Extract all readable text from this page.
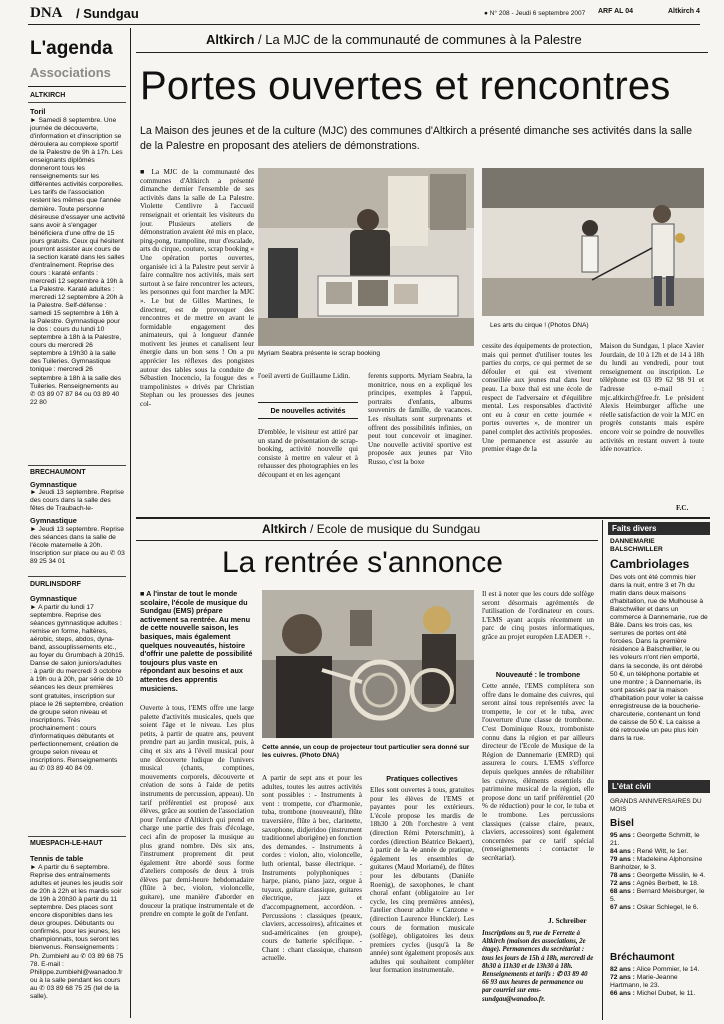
DNA / Sundgau	● N° 208 - Jeudi 6 septembre 2007 ARF AL 04	Altkirch 4
L'agenda
Associations
ALTKIRCH
Toril
► Samedi 8 septembre. Une journée de découverte, d'information et d'inscription se déroulera au complexe sportif de la Palestre de 9h à 17h. Les enseignants diplômés donneront tous les renseignements sur les différentes activités corporelles. Les tarifs de l'association restent les mêmes que l'année dernière. Toute personne désireuse d'essayer une activité sans avoir à s'engager bénéficiera d'une offre de 15 jours gratuits. Ceux qui hésitent pourront assister aux cours de la section karaté dans les salles d'entraînement. Reprise des cours : karaté enfants : mercredi 12 septembre à 19h à La Palestre. Karaté adultes : mercredi 12 septembre à 20h à la Palestre. Self-défense : samedi 15 septembre à 16h à la Palestre. Gymnastique pour le dos : cours du lundi 10 septembre à 18h à la Palestre, cours du mercredi 26 septembre à 19h30 à la salle des Tuileries. Gymnastique tonique : mercredi 26 septembre à 18h à la salle des Tuileries. Renseignements au ✆ 03 89 07 87 84 ou 03 89 40 22 80
BRECHAUMONT
Gymnastique
► Jeudi 13 septembre. Reprise des cours dans la salle des fêtes de Traubach-le-
Gymnastique
► Jeudi 13 septembre. Reprise des séances dans la salle de l'école maternelle à 20h. Inscription sur place ou au ✆ 03 89 25 34 01
DURLINSDORF
Gymnastique
► A partir du lundi 17 septembre. Reprise des séances gymnastique adultes : remise en forme, haltères, aérobic, steps, abdos, dyna-band, assouplissements etc., au foyer du Grumbach à 20h15. Danse de salon juniors/adultes : à partir du mercredi 3 octobre à 19h ou à 20h, par série de 10 séances les deux premières sont gratuites, inscription sur place le 26 septembre, création de groupe selon niveau et inscriptions. Très prochainement : cours d'informatiques débutants et perfectionnement, création de groupe selon niveau et inscriptions. Renseignements au ✆ 03 89 40 84 09.
MUESPACH-LE-HAUT
Tennis de table
► A partir du 6 septembre. Reprise des entraînements adultes et jeunes les jeudis soir de 20h à 22h et les mardis soir de 19h à 20h30 à partir du 11 septembre. Des places sont encore disponibles dans les deux groupes. Débutants ou confirmés, pour les jeunes, les championnats, tous seront les bienvenus. Renseignements : Ph. Zumbiehl au ✆ 03 89 68 75 78. E-mail : Philippe.zumbiehl@wanadoo.fr ou à la salle pendant les cours au ✆ 03 89 68 75 25 (tel de la salle).
Altkirch / La MJC de la communauté de communes à la Palestre
Portes ouvertes et rencontres
La Maison des jeunes et de la culture (MJC) des communes d'Altkirch a présenté dimanche ses activités dans la salle de la Palestre en proposant des ateliers de démonstrations.
■ La MJC de la communauté des communes d'Altkirch a présenté dimanche dernier l'ensemble de ses activités dans la salle de La Palestre. Violette Centlivre à l'accueil renseignait et orientait les visiteurs du jour. Plusieurs ateliers de démonstration avaient été mis en place, ping-pong, trampoline, mur d'escalade, arts du cirque, couture, scrap booking « Une opération portes ouvertes, organisée ici à la Palestre peut servir à faire connaître nos activités, mais sert surtout à se faire rencontrer les acteurs, les personnes qui font marcher la MJC ». Le but de Gilles Martines, le directeur, est de provoquer des rencontres et de mettre en avant le formidable engagement des animateurs, qui à longueur d'année motivent les jeunes et canalisent leur énergie dans un bon sens ! On a pu apprécier les réflexes des pongistes autour des tables sous la conduite de Sébastien Inocencio, la fougue des « trampolinistes » drivés par Christian Stephan ou les prouesses des jeunes col-
Myriam Seabra présente le scrap booking
Les arts du cirque ! (Photos DNA)
l'oeil averti de Guillaume Lidin.
De nouvelles activités
D'emblée, le visiteur est attiré par un stand de présentation de scrap-booking, activité nouvelle qui consiste à mettre en valeur et à rehausser des photographies en les découpant et en les agençant
ferents supports. Myriam Seabra, la monitrice, nous en a expliqué les principes, exemples à l'appui, portraits d'enfants, albums souvenirs de famille, de vacances. Les résultats sont surprenants et offrent des possibilités infinies, on peut tout concevoir et imaginer. Une nouvelle activité sportive est proposée aux jeunes par Vito Russo, c'est la boxe
cessite des équipements de protection, mais qui permet d'utiliser toutes les parties du corps, ce qui permet de se défouler et qui est vivement conseillée aux jeunes mal dans leur peau. La boxe thaï est une école de respect de l'adversaire et d'équilibre mental. Les responsables d'activité ont eu à cœur en cette journée « portes ouvertes », de montrer un panel complet des activités proposées. Une permanence est assurée au premier étage de la
Maison du Sundgau, 1 place Xavier Jourdain, de 10 à 12h et de 14 à 18h du lundi au vendredi, pour tout renseignement ou inscription. Le téléphone est 03 89 62 98 91 et l'adresse e-mail : mjc.altkirch@free.fr. Le président Alexis Heimburger affiche une réelle satisfaction de voir la MJC en progrès constants mais espère encore voir se poindre de nouvelles activités en restant ouvert à toute idée novatrice.
F.C.
Altkirch / Ecole de musique du Sundgau
La rentrée s'annonce
■ A l'instar de tout le monde scolaire, l'école de musique du Sundgau (EMS) prépare activement sa rentrée. Au menu de cette nouvelle saison, les basiques, mais également quelques nouveautés, histoire d'offrir une palette de possibilité toujours plus vaste en répondant aux besoins et aux attentes des apprentis musiciens.
Ouverte à tous, l'EMS offre une large palette d'activités musicales, quels que soient l'âge et le niveau. Les plus petits, à partir de quatre ans, peuvent prendre part au jardin musical, puis, à cinq et six ans à l'éveil musical pour une découverte ludique de l'univers musical (chants, comptines, mouvements corporels, découverte et création de sons à l'aide de petits instruments de percussion, appeau). Un tarif préférentiel est proposé aux élèves, grâce au soutien de l'association pour l'enfance d'Altkirch qui prend en charge une partie des frais d'écolage, ceci afin de proposer la musique au plus grand nombre. Dès six ans, l'instrument proprement dit peut également être abordé sous forme d'ateliers composés de deux à trois élèves par demi-heure hebdomadaire (flûte à bec, violon, violoncelle, guitare), une manière d'aborder en douceur la pratique instrumentale et de prendre en compte le goût de l'enfant.
Cette année, un coup de projecteur tout particulier sera donné sur les cuivres. (Photo DNA)
A partir de sept ans et pour les adultes, toutes les autres activités sont possibles : - Instruments à vent : trompette, cor d'harmonie, tuba, trombone (nouveauté), flûte traversière, flûte à bec, clarinette, saxophone, didjeridoo (instrument traditionnel aborigène) en fonction des demandes. - Instruments à cordes : violon, alto, violoncelle, luth oriental, basse électrique. - Instruments polyphoniques : harpe, piano, piano jazz, orgue à tuyaux, guitare classique, guitares électrique, jazz et d'accompagnement, accordéon. - Percussions : classiques (peaux, claviers, accessoires), africaines et sud-américaines (en groupe), cours de batterie spécifique. - Chant : chant classique, chanson actuelle.
Pratiques collectives
Elles sont ouvertes à tous, gratuites pour les élèves de l'EMS et payantes pour les extérieurs. L'école propose les mardis de 18h30 à 20h l'orchestre à vent (direction Rémi Peterschmitt), à cordes (direction Béatrice Bekaert), à partir de la 4e année de pratique, également les ensembles de guitares (Maud Moriamé), de flûtes pour les débutants (Danièle Roenig), de saxophones, le chant choral enfant (obligatoire au 1er cycle, les cinq premières années), l'atelier choeur adulte « Canzone » (direction Laurence Hunckler). Les cours de formation musicale (solfège), obligatoires les deux premiers cycles (jusqu'à la 8e année) sont également proposés aux adultes qui souhaitent compléter leur formation instrumentale.
Il est à noter que les cours dde solfège seront désormais agrémentés de l'utilisation de l'ordinateur en cours. L'EMS ayant acquis récemment un parc de cinq postes informatiques, grâce au projet européen LEADER +.
Nouveauté : le trombone
Cette année, l'EMS complètera son offre dans le domaine des cuivres, qui seront ainsi tous représentés avec la trompette, le cor et le tuba, avec l'ouverture d'une classe de trombone. C'est Dominique Roux, tromboniste connu dans la région et par ailleurs directeur de l'Ecole de Musique de la Région de Dannemarie (EMRD) qui assurera le cours. L'EMS s'efforce depuis quelques années de réhabiliter les cuivres, éléments essentiels du patrimoine musical de la région, elle propose donc un tarif préférentiel (20 % de réduction) pour le cor, le tuba et le trombone. Les percussions classiques (caisse claire, peaux, claviers, accessoires) sont également concernées par ce tarif spécial (renseignements : contacter le secrétariat).
J. Schreiber
Inscriptions au 9, rue de Ferrette à Altkirch (maison des associations, 2e étage). Permanences du secrétariat : tous les jours de 15h à 18h, mercredi de 8h30 à 11h30 et de 13h30 à 18h. Renseignements et tarifs : ✆ 03 89 40 66 93 aux heures de permanence ou par courriel sur ems-sundgau@wanadoo.fr.
Faits divers
DANNEMARIE BALSCHWILLER
Cambriolages
Des vols ont été commis hier dans la nuit, entre 3 et 7h du matin dans deux maisons d'habitation, rue de Mulhouse à Balschwiller et dans un commerce à Dannemarie, rue de Bâle. Dans les trois cas, les serrures de portes ont été forcées. Dans la première résidence à Balschwiller, le ou les voleurs n'ont rien emporté, dans la seconde, ils ont dérobé 50 €, un téléphone portable et une montre ; à Dannemarie, ils sont passés par la maison d'habitation pour voler la caisse enregistreuse de la boucherie-charcuterie, contenant un fond de caisse de 50 €. La caisse a été retrouvée un peu plus loin dans la rue.
L'état civil
GRANDS ANNIVERSAIRES DU MOIS
Bisel
95 ans : Georgette Schmitt, le 21.
84 ans : René Witt, le 1er.
79 ans : Madeleine Alphonsine Banholzer, le 3.
78 ans : Georgette Misslin, le 4.
72 ans : Agnès Berbett, le 18.
68 ans : Bernard Meisburger, le 5.
67 ans : Oskar Schlegel, le 6.
Bréchaumont
82 ans : Alice Pommier, le 14.
72 ans : Marie-Jeanne Hartmann, le 23.
66 ans : Michel Dubet, le 11.
